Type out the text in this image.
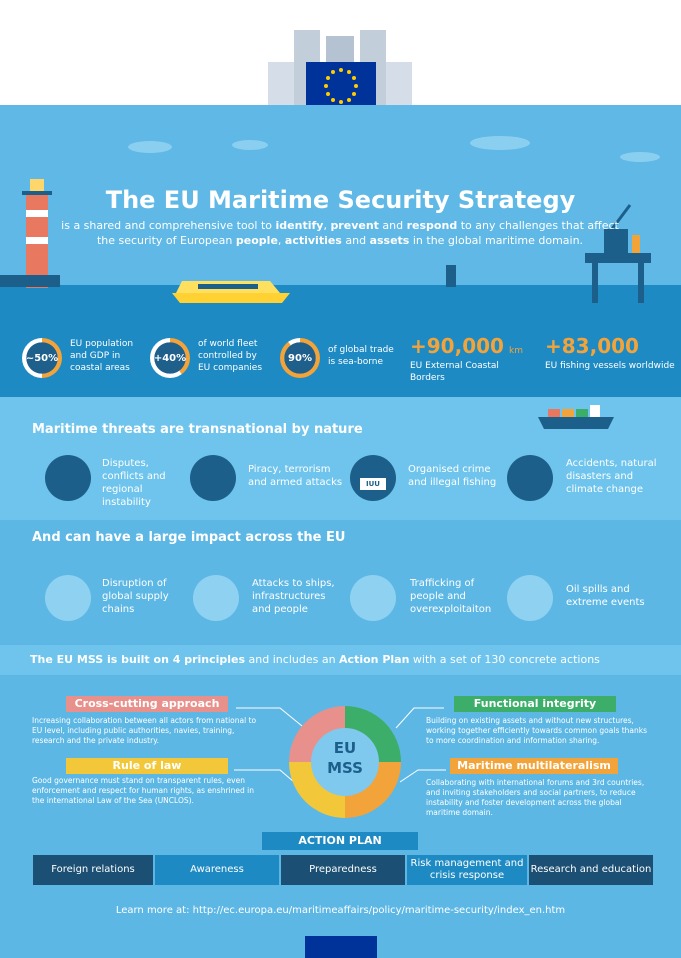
The EU Maritime Security Strategy
is a shared and comprehensive tool to identify, prevent and respond to any challenges that affect the security of European people, activities and assets in the global maritime domain.
~50%
EU population and GDP in coastal areas
+40%
of world fleet controlled by EU companies
90%
of global trade is sea-borne
+90,000 km
EU External Coastal Borders
+83,000
EU fishing vessels worldwide
Maritime threats are transnational by nature
Disputes, conflicts and regional instability
Piracy, terrorism and armed attacks	IUU
Organised crime and illegal fishing
Accidents, natural disasters and climate change
And can have a large impact across the EU
Disruption of global supply chains
Attacks to ships, infrastructures and people
Trafficking of people and overexploitaiton
Oil spills and extreme events
The EU MSS is built on 4 principles and includes an Action Plan with a set of 130 concrete actions
Cross-cutting approach
Increasing collaboration between all actors from national to EU level, including public authorities, navies, training, research and the private industry.
Functional integrity
Building on existing assets and without new structures, working together efficiently towards common goals thanks to more coordination and information sharing.
Rule of law
Good governance must stand on transparent rules, even enforcement and respect for human rights, as enshrined in the international Law of the Sea (UNCLOS).
Maritime multilateralism
Collaborating with international forums and 3rd countries, and inviting stakeholders and social partners, to reduce instability and foster development across the global maritime domain.
EU
MSS
ACTION PLAN
Foreign relations	Awareness	Preparedness
Risk management and crisis response
Research and education
Learn more at: http://ec.europa.eu/maritimeaffairs/policy/maritime-security/index_en.htm
